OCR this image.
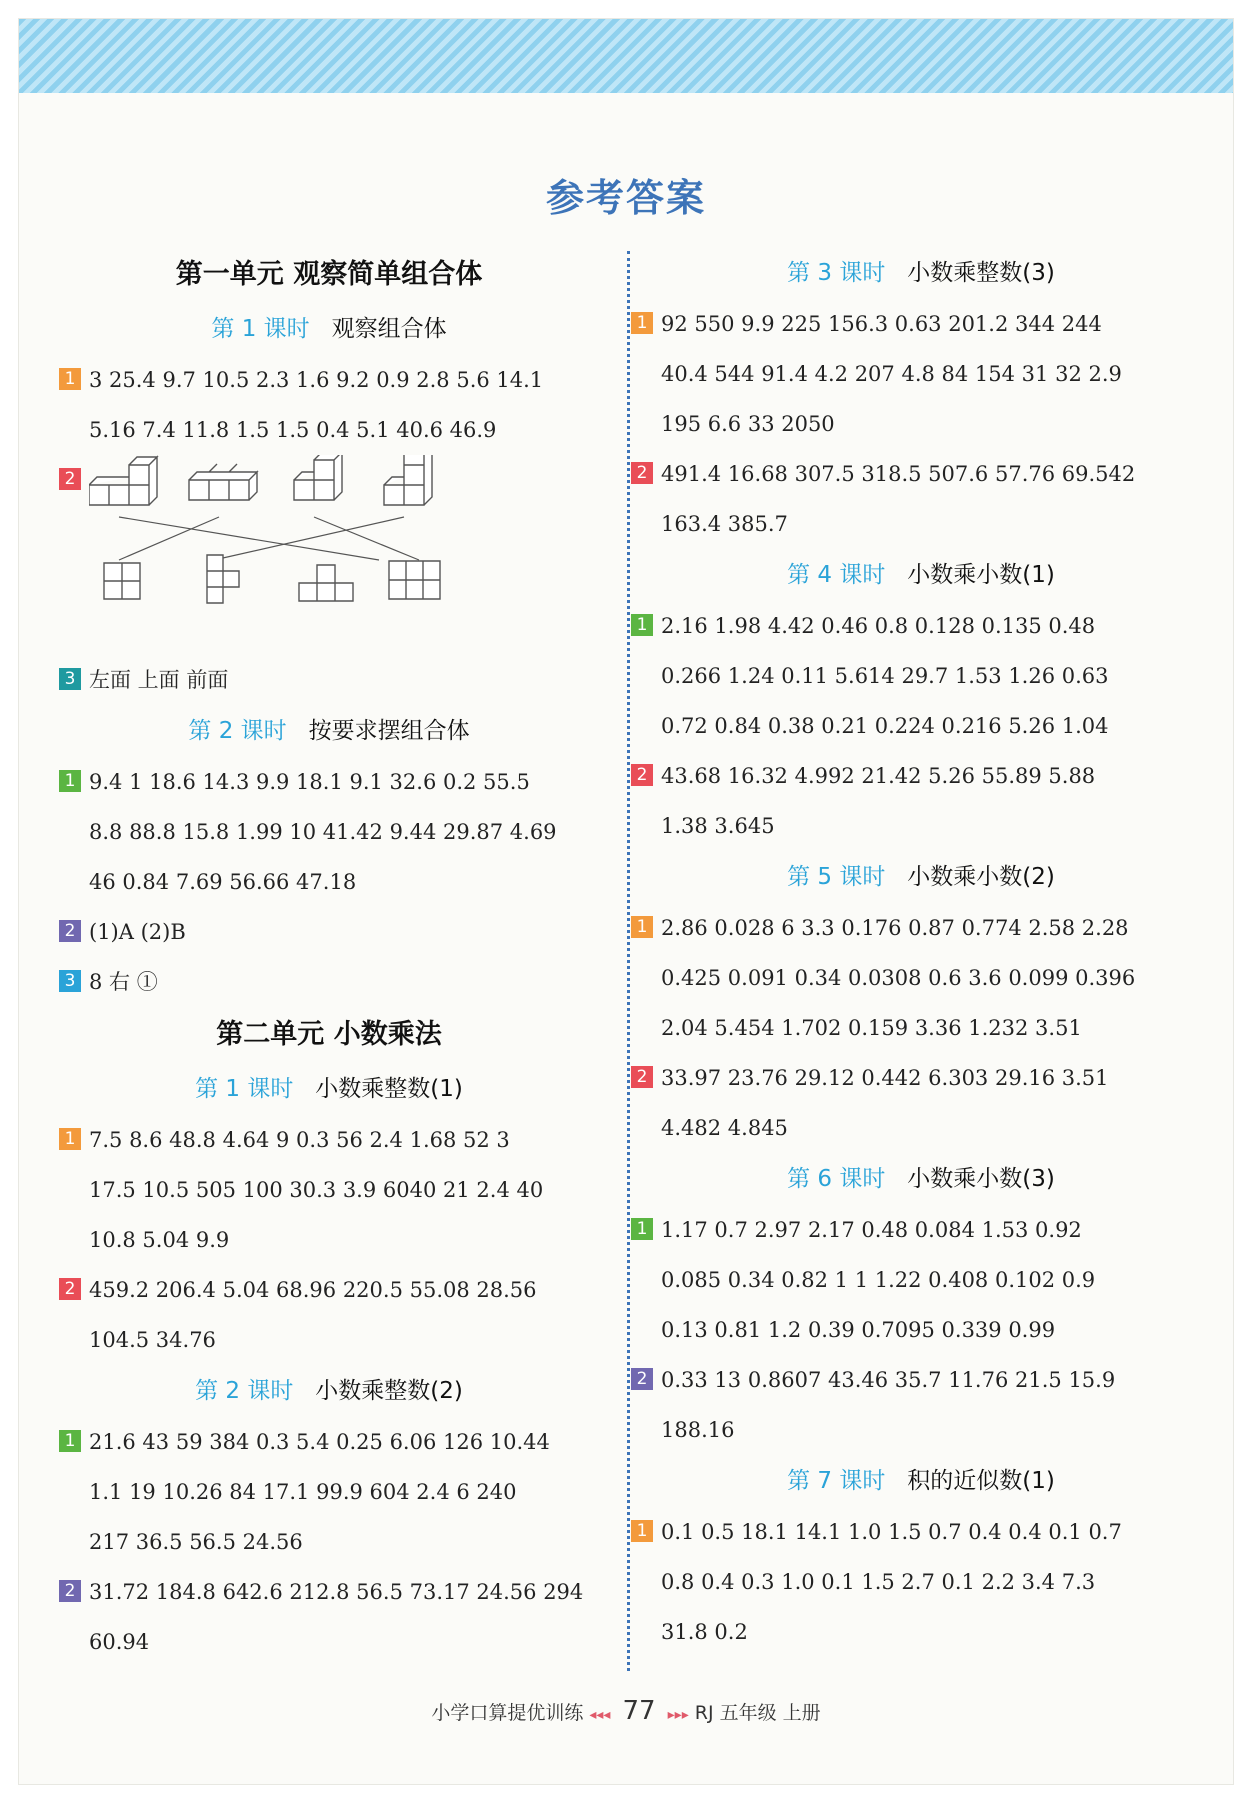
参考答案
第一单元 观察简单组合体
第 1 课时 观察组合体
1 3 25.4 9.7 10.5 2.3 1.6 9.2 0.9 2.8 5.6 14.1
5.16 7.4 11.8 1.5 1.5 0.4 5.1 40.6 46.9
2
3 左面 上面 前面
第 2 课时 按要求摆组合体
1 9.4 1 18.6 14.3 9.9 18.1 9.1 32.6 0.2 55.5
8.8 88.8 15.8 1.99 10 41.42 9.44 29.87 4.69
46 0.84 7.69 56.66 47.18
2 (1)A (2)B
3 8 右 ①
第二单元 小数乘法
第 1 课时 小数乘整数(1)
1 7.5 8.6 48.8 4.64 9 0.3 56 2.4 1.68 52 3
17.5 10.5 505 100 30.3 3.9 6040 21 2.4 40
10.8 5.04 9.9
2 459.2 206.4 5.04 68.96 220.5 55.08 28.56
104.5 34.76
第 2 课时 小数乘整数(2)
1 21.6 43 59 384 0.3 5.4 0.25 6.06 126 10.44
1.1 19 10.26 84 17.1 99.9 604 2.4 6 240
217 36.5 56.5 24.56
2 31.72 184.8 642.6 212.8 56.5 73.17 24.56 294
60.94
第 3 课时 小数乘整数(3)
1 92 550 9.9 225 156.3 0.63 201.2 344 244
40.4 544 91.4 4.2 207 4.8 84 154 31 32 2.9
195 6.6 33 2050
2 491.4 16.68 307.5 318.5 507.6 57.76 69.542
163.4 385.7
第 4 课时 小数乘小数(1)
1 2.16 1.98 4.42 0.46 0.8 0.128 0.135 0.48
0.266 1.24 0.11 5.614 29.7 1.53 1.26 0.63
0.72 0.84 0.38 0.21 0.224 0.216 5.26 1.04
2 43.68 16.32 4.992 21.42 5.26 55.89 5.88
1.38 3.645
第 5 课时 小数乘小数(2)
1 2.86 0.028 6 3.3 0.176 0.87 0.774 2.58 2.28
0.425 0.091 0.34 0.0308 0.6 3.6 0.099 0.396
2.04 5.454 1.702 0.159 3.36 1.232 3.51
2 33.97 23.76 29.12 0.442 6.303 29.16 3.51
4.482 4.845
第 6 课时 小数乘小数(3)
1 1.17 0.7 2.97 2.17 0.48 0.084 1.53 0.92
0.085 0.34 0.82 1 1 1.22 0.408 0.102 0.9
0.13 0.81 1.2 0.39 0.7095 0.339 0.99
2 0.33 13 0.8607 43.46 35.7 11.76 21.5 15.9
188.16
第 7 课时 积的近似数(1)
1 0.1 0.5 18.1 14.1 1.0 1.5 0.7 0.4 0.4 0.1 0.7
0.8 0.4 0.3 1.0 0.1 1.5 2.7 0.1 2.2 3.4 7.3
31.8 0.2
小学口算提优训练 ◂◂◂ 77 ▸▸▸ RJ 五年级 上册
